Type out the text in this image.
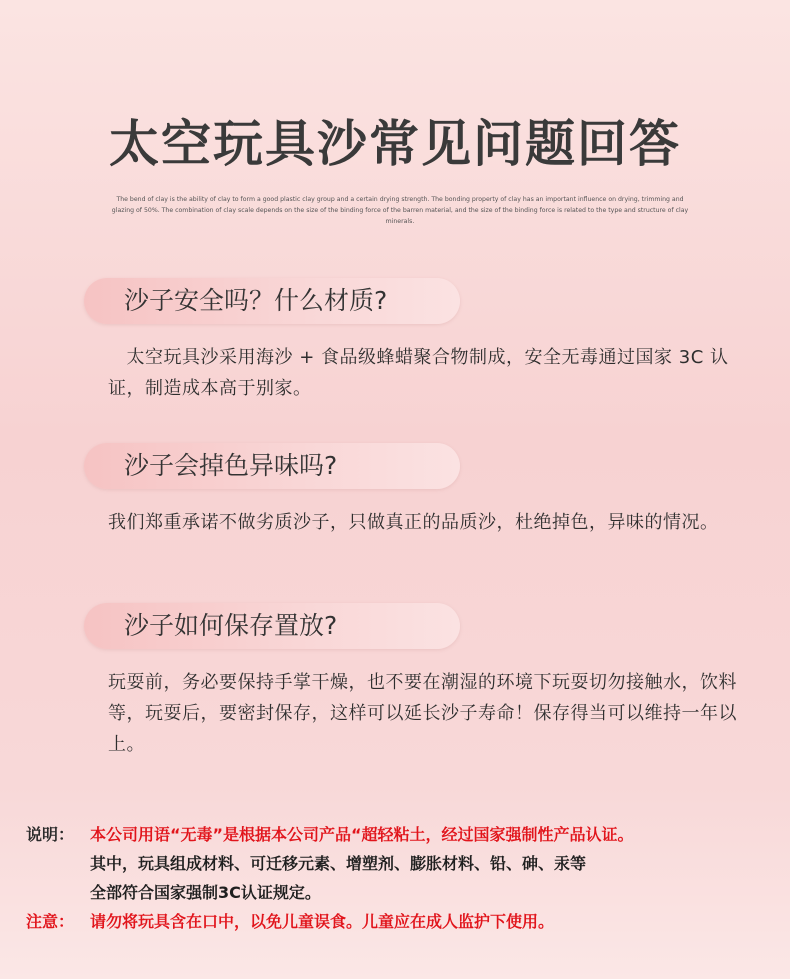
太空玩具沙常见问题回答
The bend of clay is the ability of clay to form a good plastic clay group and a certain drying strength. The bonding property of clay has an important influence on drying, trimming and glazing of 50%. The combination of clay scale depends on the size of the binding force of the barren material, and the size of the binding force is related to the type and structure of clay minerals.
沙子安全吗？什么材质?
　太空玩具沙采用海沙 + 食品级蜂蜡聚合物制成，安全无毒通过国家 3C 认证，制造成本高于别家。
沙子会掉色异味吗?
我们郑重承诺不做劣质沙子，只做真正的品质沙，杜绝掉色，异味的情况。
沙子如何保存置放?
玩耍前，务必要保持手掌干燥，也不要在潮湿的环境下玩耍切勿接触水，饮料等，玩耍后，要密封保存，这样可以延长沙子寿命！保存得当可以维持一年以上。
说明： 本公司用语“无毒”是根据本公司产品“超轻粘土，经过国家强制性产品认证。
其中，玩具组成材料、可迁移元素、增塑剂、膨胀材料、铅、砷、汞等
全部符合国家强制3C认证规定。
注意： 请勿将玩具含在口中，以免儿童误食。儿童应在成人监护下使用。
